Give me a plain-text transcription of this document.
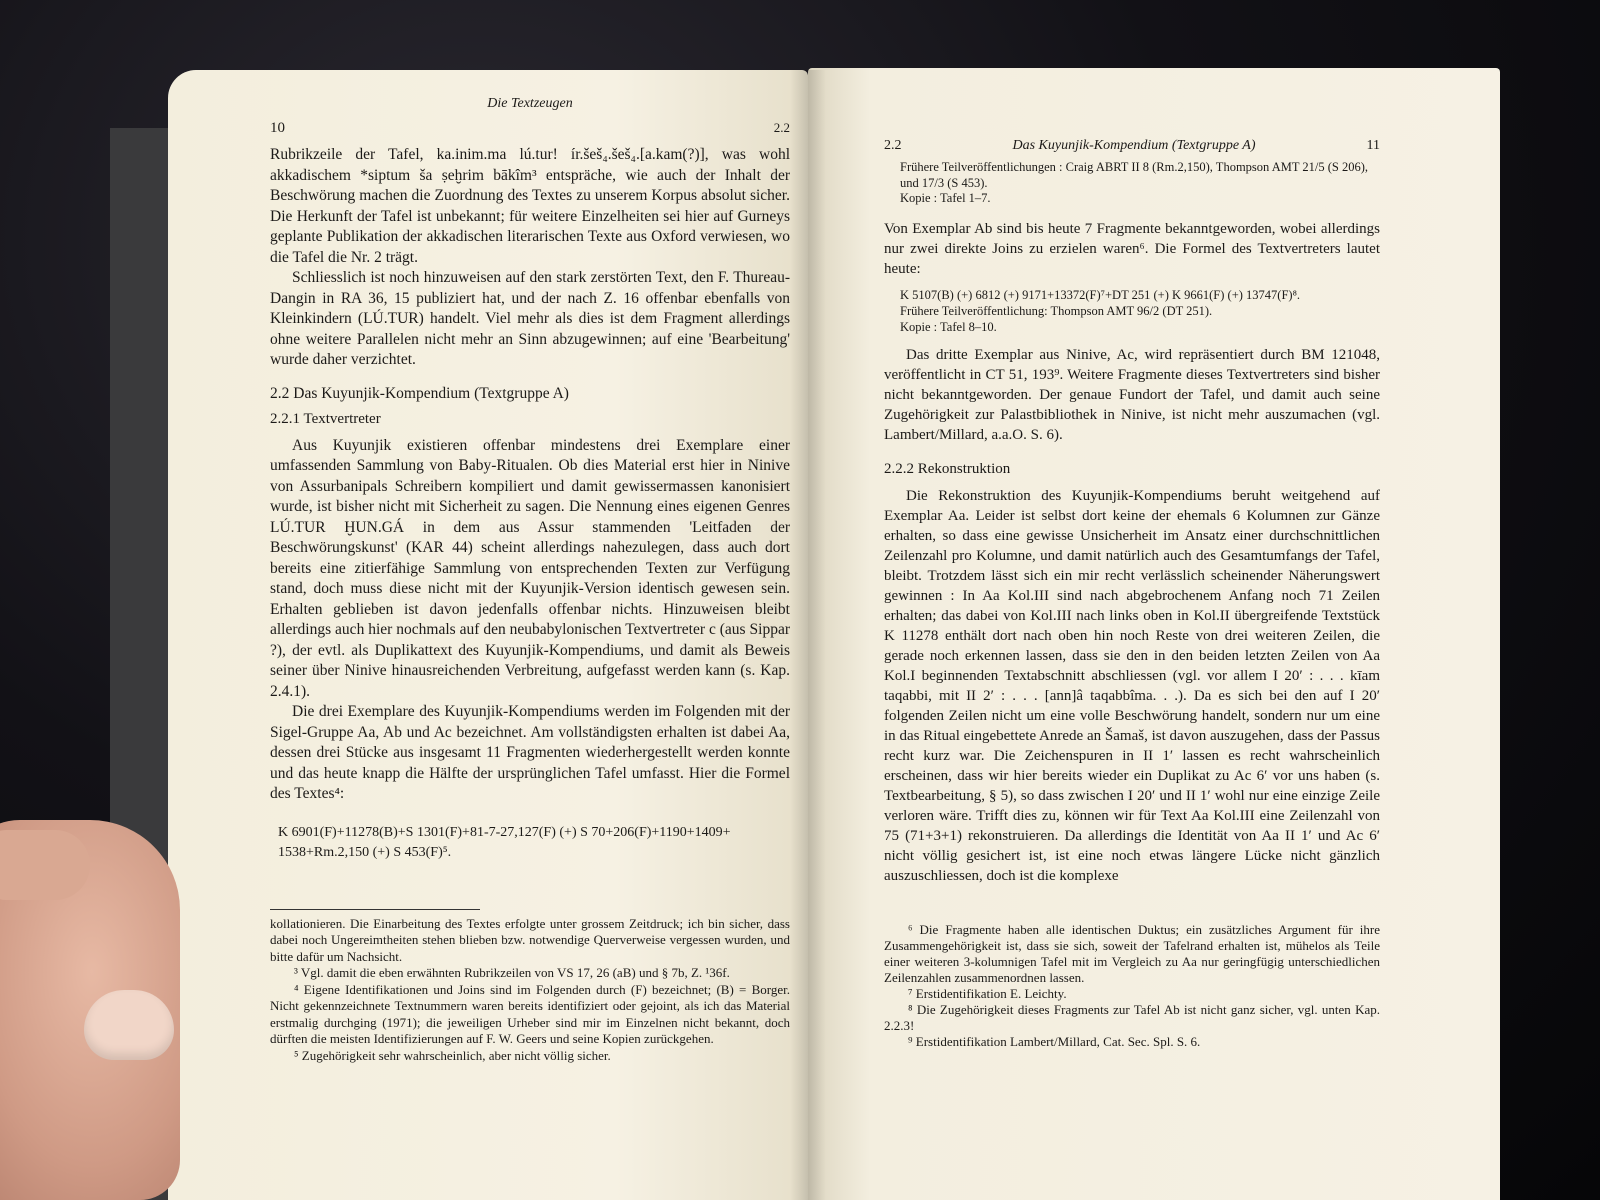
Die Textzeugen
10	2.2

Rubrikzeile der Tafel, ka.inim.ma lú.tur! ír.šeš₄.šeš₄.[a.kam(?)], was wohl akkadischem *siptum ša ṣeḫrim bākîm³ entspräche, wie auch der Inhalt der Beschwörung machen die Zuordnung des Textes zu unserem Korpus absolut sicher. Die Herkunft der Tafel ist unbekannt; für weitere Einzelheiten sei hier auf Gurneys geplante Publikation der akkadischen literarischen Texte aus Oxford verwiesen, wo die Tafel die Nr. 2 trägt.

Schliesslich ist noch hinzuweisen auf den stark zerstörten Text, den F. Thureau-Dangin in RA 36, 15 publiziert hat, und der nach Z. 16 offenbar ebenfalls von Kleinkindern (LÚ.TUR) handelt. Viel mehr als dies ist dem Fragment allerdings ohne weitere Parallelen nicht mehr an Sinn abzugewinnen; auf eine 'Bearbeitung' wurde daher verzichtet.

2.2 Das Kuyunjik-Kompendium (Textgruppe A)
2.2.1 Textvertreter

Aus Kuyunjik existieren offenbar mindestens drei Exemplare einer umfassenden Sammlung von Baby-Ritualen. Ob dies Material erst hier in Ninive von Assurbanipals Schreibern kompiliert und damit gewissermassen kanonisiert wurde, ist bisher nicht mit Sicherheit zu sagen. Die Nennung eines eigenen Genres LÚ.TUR ḪUN.GÁ in dem aus Assur stammenden 'Leitfaden der Beschwörungskunst' (KAR 44) scheint allerdings nahezulegen, dass auch dort bereits eine zitierfähige Sammlung von entsprechenden Texten zur Verfügung stand, doch muss diese nicht mit der Kuyunjik-Version identisch gewesen sein. Erhalten geblieben ist davon jedenfalls offenbar nichts. Hinzuweisen bleibt allerdings auch hier nochmals auf den neubabylonischen Textvertreter c (aus Sippar ?), der evtl. als Duplikattext des Kuyunjik-Kompendiums, und damit als Beweis seiner über Ninive hinausreichenden Verbreitung, aufgefasst werden kann (s. Kap. 2.4.1).

Die drei Exemplare des Kuyunjik-Kompendiums werden im Folgenden mit der Sigel-Gruppe Aa, Ab und Ac bezeichnet. Am vollständigsten erhalten ist dabei Aa, dessen drei Stücke aus insgesamt 11 Fragmenten wiederhergestellt werden konnte und das heute knapp die Hälfte der ursprünglichen Tafel umfasst. Hier die Formel des Textes⁴:

K 6901(F)+11278(B)+S 1301(F)+81-7-27,127(F) (+) S 70+206(F)+1190+1409+ 1538+Rm.2,150 (+) S 453(F)⁵.

kollationieren. Die Einarbeitung des Textes erfolgte unter grossem Zeitdruck; ich bin sicher, dass dabei noch Ungereimtheiten stehen blieben bzw. notwendige Querverweise vergessen wurden, und bitte dafür um Nachsicht.

³ Vgl. damit die eben erwähnten Rubrikzeilen von VS 17, 26 (aB) und § 7b, Z. ¹36f.

⁴ Eigene Identifikationen und Joins sind im Folgenden durch (F) bezeichnet; (B) = Borger. Nicht gekennzeichnete Textnummern waren bereits identifiziert oder gejoint, als ich das Material erstmalig durchging (1971); die jeweiligen Urheber sind mir im Einzelnen nicht bekannt, doch dürften die meisten Identifizierungen auf F. W. Geers und seine Kopien zurückgehen.

⁵ Zugehörigkeit sehr wahrscheinlich, aber nicht völlig sicher.

2.2	Das Kuyunjik-Kompendium (Textgruppe A)	11

Frühere Teilveröffentlichungen : Craig ABRT II 8 (Rm.2,150), Thompson AMT 21/5 (S 206), und 17/3 (S 453).

Kopie : Tafel 1–7.

Von Exemplar Ab sind bis heute 7 Fragmente bekanntgeworden, wobei allerdings nur zwei direkte Joins zu erzielen waren⁶. Die Formel des Textvertreters lautet heute:

K 5107(B) (+) 6812 (+) 9171+13372(F)⁷+DT 251 (+) K 9661(F) (+) 13747(F)⁸.

Frühere Teilveröffentlichung: Thompson AMT 96/2 (DT 251).

Kopie : Tafel 8–10.

Das dritte Exemplar aus Ninive, Ac, wird repräsentiert durch BM 121048, veröffentlicht in CT 51, 193⁹. Weitere Fragmente dieses Textvertreters sind bisher nicht bekanntgeworden. Der genaue Fundort der Tafel, und damit auch seine Zugehörigkeit zur Palastbibliothek in Ninive, ist nicht mehr auszumachen (vgl. Lambert/Millard, a.a.O. S. 6).

2.2.2 Rekonstruktion

Die Rekonstruktion des Kuyunjik-Kompendiums beruht weitgehend auf Exemplar Aa. Leider ist selbst dort keine der ehemals 6 Kolumnen zur Gänze erhalten, so dass eine gewisse Unsicherheit im Ansatz einer durchschnittlichen Zeilenzahl pro Kolumne, und damit natürlich auch des Gesamtumfangs der Tafel, bleibt. Trotzdem lässt sich ein mir recht verlässlich scheinender Näherungswert gewinnen : In Aa Kol.III sind nach abgebrochenem Anfang noch 71 Zeilen erhalten; das dabei von Kol.III nach links oben in Kol.II übergreifende Textstück K 11278 enthält dort nach oben hin noch Reste von drei weiteren Zeilen, die gerade noch erkennen lassen, dass sie den in den beiden letzten Zeilen von Aa Kol.I beginnenden Textabschnitt abschliessen (vgl. vor allem I 20′ : . . . kīam taqabbi, mit II 2′ : . . . [ann]â taqabbîma. . .). Da es sich bei den auf I 20′ folgenden Zeilen nicht um eine volle Beschwörung handelt, sondern nur um eine in das Ritual eingebettete Anrede an Šamaš, ist davon auszugehen, dass der Passus recht kurz war. Die Zeichenspuren in II 1′ lassen es recht wahrscheinlich erscheinen, dass wir hier bereits wieder ein Duplikat zu Ac 6′ vor uns haben (s. Textbearbeitung, § 5), so dass zwischen I 20′ und II 1′ wohl nur eine einzige Zeile verloren wäre. Trifft dies zu, können wir für Text Aa Kol.III eine Zeilenzahl von 75 (71+3+1) rekonstruieren. Da allerdings die Identität von Aa II 1′ und Ac 6′ nicht völlig gesichert ist, ist eine noch etwas längere Lücke nicht gänzlich auszuschliessen, doch ist die komplexe

⁶ Die Fragmente haben alle identischen Duktus; ein zusätzliches Argument für ihre Zusammengehörigkeit ist, dass sie sich, soweit der Tafelrand erhalten ist, mühelos als Teile einer weiteren 3-kolumnigen Tafel mit im Vergleich zu Aa nur geringfügig unterschiedlichen Zeilenzahlen zusammenordnen lassen.

⁷ Erstidentifikation E. Leichty.

⁸ Die Zugehörigkeit dieses Fragments zur Tafel Ab ist nicht ganz sicher, vgl. unten Kap. 2.2.3!

⁹ Erstidentifikation Lambert/Millard, Cat. Sec. Spl. S. 6.
